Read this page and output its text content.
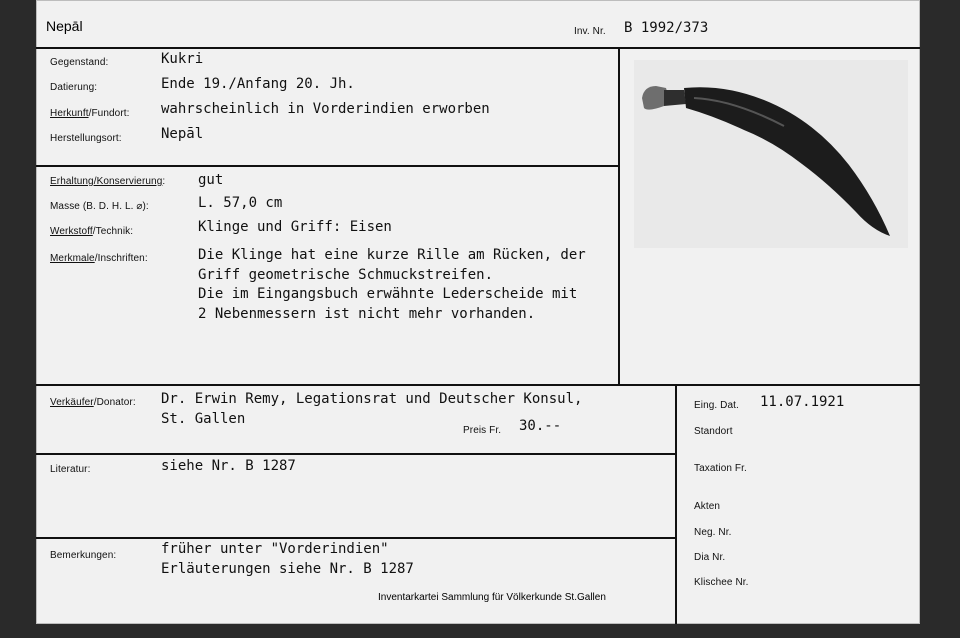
Nepāl	Inv. Nr. B 1992/373
Gegenstand:	Kukri
Datierung:	Ende 19./Anfang 20. Jh.
Herkunft/Fundort: wahrscheinlich in Vorderindien erworben
Herstellungsort:	Nepāl
Erhaltung/Konservierung: gut
Masse (B. D. H. L. ⌀):	L. 57,0 cm
Werkstoff/Technik:	Klinge und Griff: Eisen
Merkmale/Inschriften:	Die Klinge hat eine kurze Rille am Rücken, der
Griff geometrische Schmuckstreifen.
Die im Eingangsbuch erwähnte Lederscheide mit
2 Nebenmessern ist nicht mehr vorhanden.
Verkäufer/Donator: Dr. Erwin Remy, Legationsrat und Deutscher Konsul,
St. Gallen
Preis Fr. 30.--
Literatur:	siehe Nr. B 1287
Bemerkungen:	früher unter "Vorderindien"
Erläuterungen siehe Nr. B 1287
Eing. Dat. 11.07.1921
Standort
Taxation Fr.
Akten
Neg. Nr.
Dia Nr.
Klischee Nr.
Inventarkartei Sammlung für Völkerkunde St.Gallen
